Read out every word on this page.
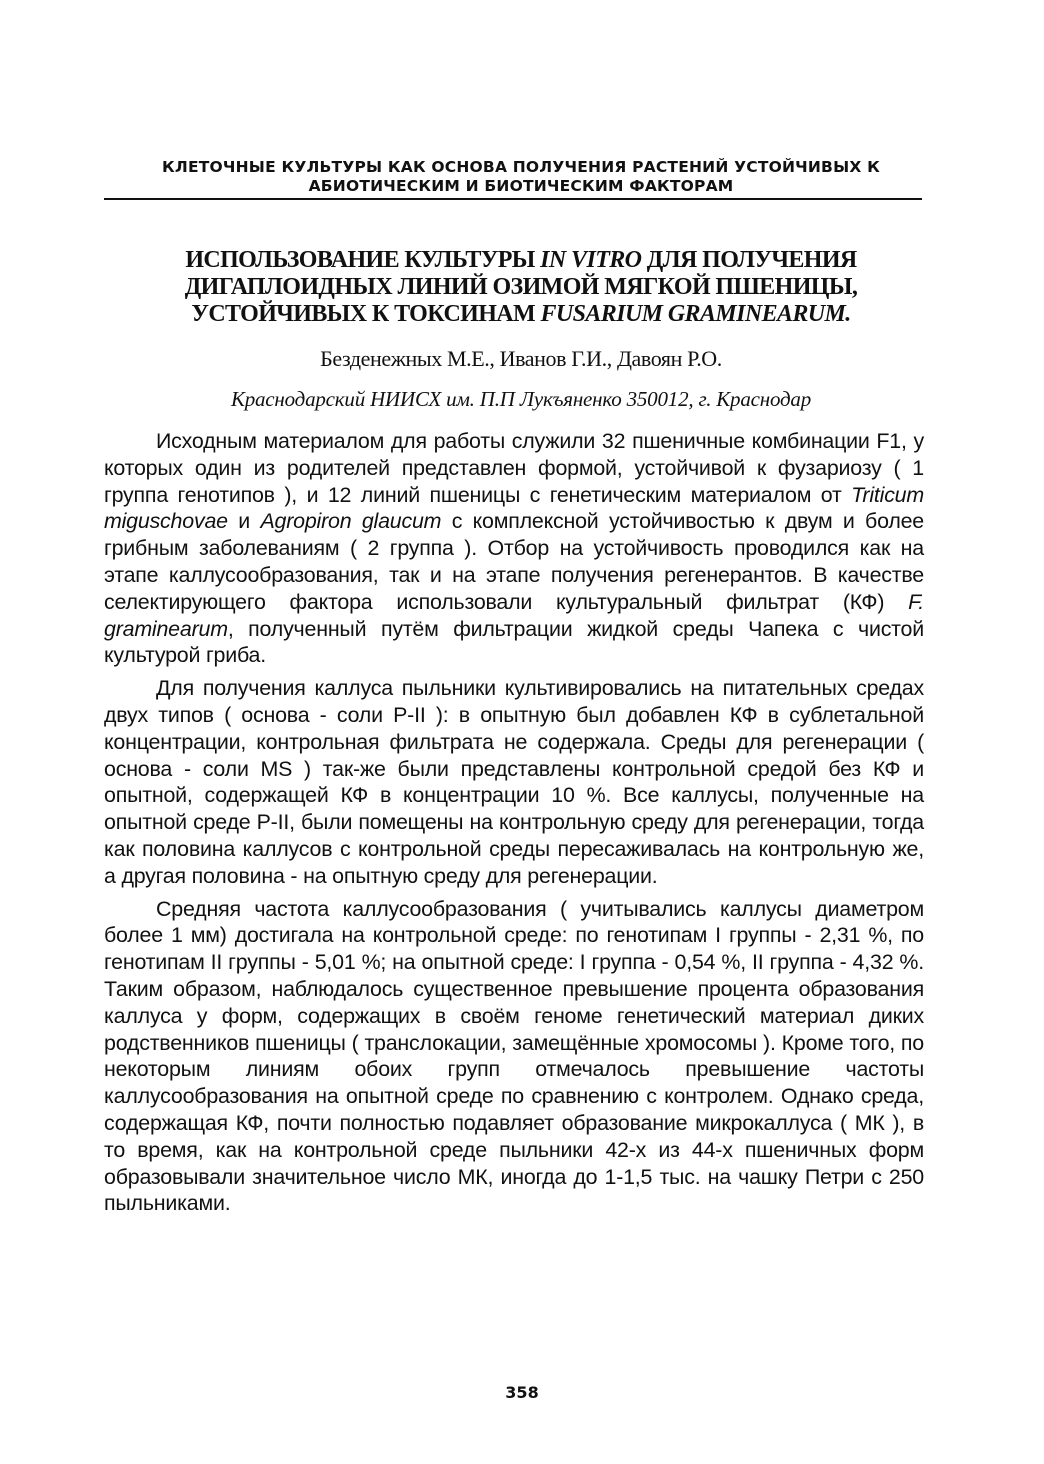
КЛЕТОЧНЫЕ КУЛЬТУРЫ КАК ОСНОВА ПОЛУЧЕНИЯ РАСТЕНИЙ УСТОЙЧИВЫХ К АБИОТИЧЕСКИМ И БИОТИЧЕСКИМ ФАКТОРАМ
ИСПОЛЬЗОВАНИЕ КУЛЬТУРЫ IN VITRO ДЛЯ ПОЛУЧЕНИЯ ДИГАПЛОИДНЫХ ЛИНИЙ ОЗИМОЙ МЯГКОЙ ПШЕНИЦЫ, УСТОЙЧИВЫХ К ТОКСИНАМ FUSARIUM GRAMINEARUM.
Безденежных М.Е., Иванов Г.И., Давоян Р.О.
Краснодарский НИИСХ им. П.П Лукъяненко 350012, г. Краснодар

Исходным материалом для работы служили 32 пшеничные комбинации F1, у которых один из родителей представлен формой, устойчивой к фузариозу ( 1 группа генотипов ), и 12 линий пшеницы с генетическим материалом от Triticum miguschovae и Agropiron glaucum с комплексной устойчивостью к двум и более грибным заболеваниям ( 2 группа ). Отбор на устойчивость проводился как на этапе каллусообразования, так и на этапе получения регенерантов. В качестве селектирующего фактора использовали культуральный фильтрат (КФ) F. graminearum, полученный путём фильтрации жидкой среды Чапека с чистой культурой гриба.

Для получения каллуса пыльники культивировались на питательных средах двух типов ( основа - соли P-II ): в опытную был добавлен КФ в сублетальной концентрации, контрольная фильтрата не содержала. Среды для регенерации ( основа - соли MS ) так-же были представлены контрольной средой без КФ и опытной, содержащей КФ в концентрации 10 %. Все каллусы, полученные на опытной среде P-II, были помещены на контрольную среду для регенерации, тогда как половина каллусов с контрольной среды пересаживалась на контрольную же, а другая половина - на опытную среду для регенерации.

Средняя частота каллусообразования ( учитывались каллусы диаметром более 1 мм) достигала на контрольной среде: по генотипам I группы - 2,31 %, по генотипам II группы - 5,01 %; на опытной среде: I группа - 0,54 %, II группа - 4,32 %. Таким образом, наблюдалось существенное превышение процента образования каллуса у форм, содержащих в своём геноме генетический материал диких родственников пшеницы ( транслокации, замещённые хромосомы ). Кроме того, по некоторым линиям обоих групп отмечалось превышение частоты каллусообразования на опытной среде по сравнению с контролем. Однако среда, содержащая КФ, почти полностью подавляет образование микрокаллуса ( МК ), в то время, как на контрольной среде пыльники 42-х из 44-х пшеничных форм образовывали значительное число МК, иногда до 1-1,5 тыс. на чашку Петри с 250 пыльниками.

358
